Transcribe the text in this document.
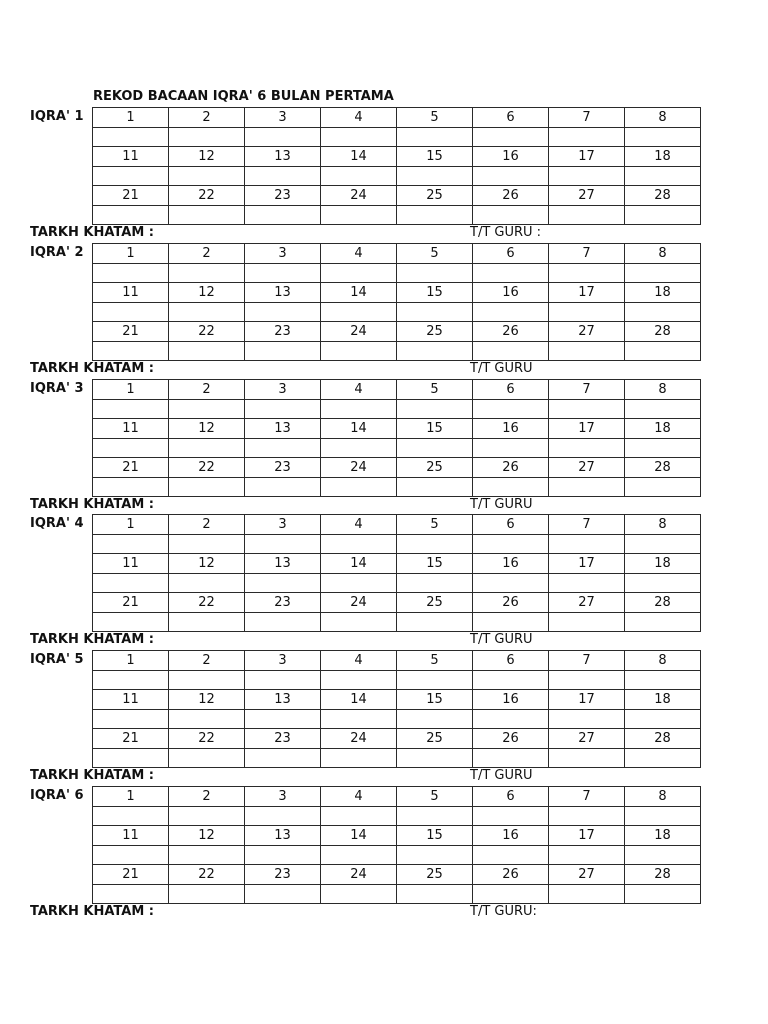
REKOD BACAAN IQRA' 6 BULAN PERTAMA
IQRA' 1	1	2	3	4	5	6	7	8

11	12	13	14	15	16	17	18

21	22	23	24	25	26	27	28

TARKH KHATAM :	T/T GURU :
IQRA' 2	1	2	3	4	5	6	7	8

11	12	13	14	15	16	17	18

21	22	23	24	25	26	27	28

TARKH KHATAM :	T/T GURU
IQRA' 3	1	2	3	4	5	6	7	8

11	12	13	14	15	16	17	18

21	22	23	24	25	26	27	28

TARKH KHATAM :	T/T GURU
IQRA' 4	1	2	3	4	5	6	7	8

11	12	13	14	15	16	17	18

21	22	23	24	25	26	27	28

TARKH KHATAM :	T/T GURU
IQRA' 5	1	2	3	4	5	6	7	8

11	12	13	14	15	16	17	18

21	22	23	24	25	26	27	28

TARKH KHATAM :	T/T GURU
IQRA' 6	1	2	3	4	5	6	7	8

11	12	13	14	15	16	17	18

21	22	23	24	25	26	27	28

TARKH KHATAM :	T/T GURU:
